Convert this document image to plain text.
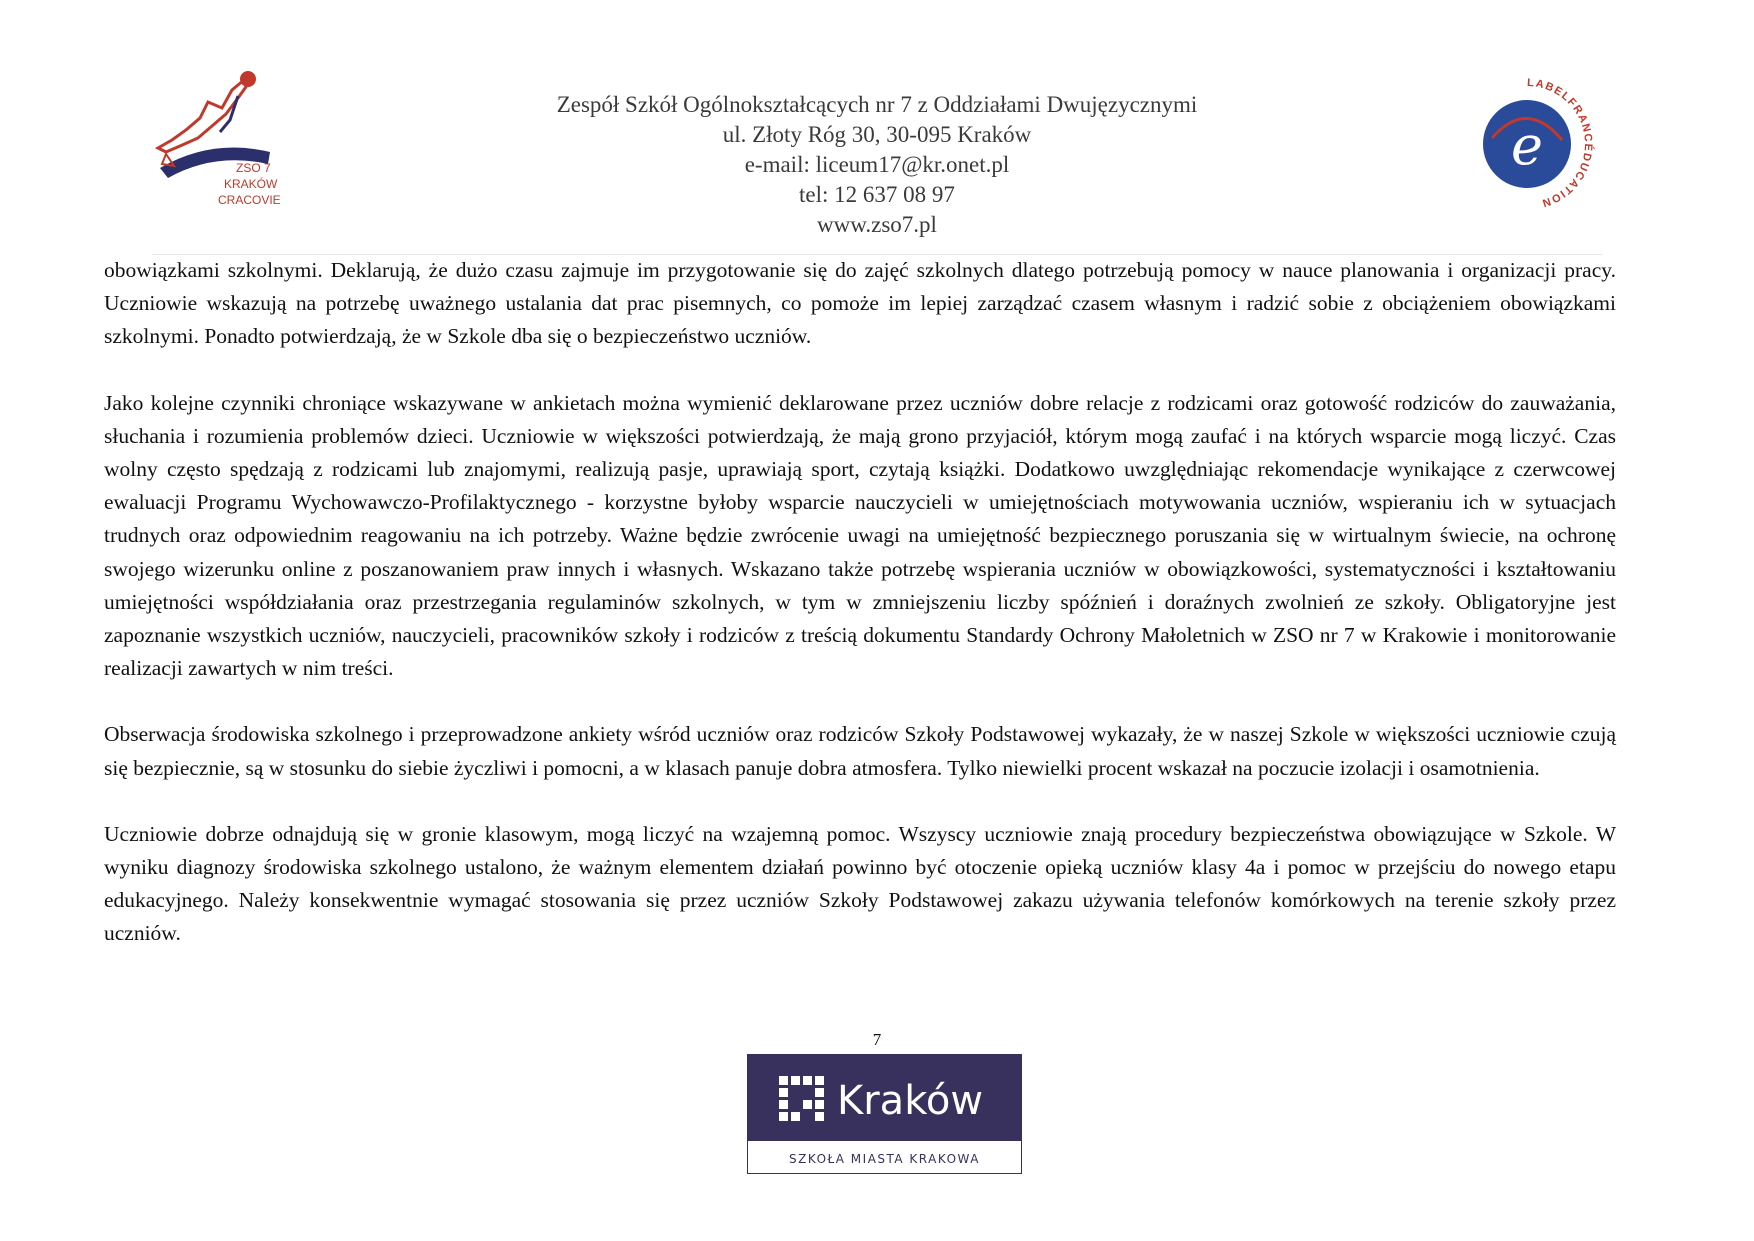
ZSO 7
KRAKÓW
CRACOVIE
Zespół Szkół Ogólnokształcących nr 7 z Oddziałami Dwujęzycznymi
ul. Złoty Róg 30, 30-095 Kraków
e-mail: liceum17@kr.onet.pl
tel: 12 637 08 97
www.zso7.pl
e
LABELFRANCÉDUCATION

obowiązkami szkolnymi. Deklarują, że dużo czasu zajmuje im przygotowanie się do zajęć szkolnych dlatego potrzebują pomocy w nauce planowania i organizacji pracy. Uczniowie wskazują na potrzebę uważnego ustalania dat prac pisemnych, co pomoże im lepiej zarządzać czasem własnym i radzić sobie z obciążeniem obowiązkami szkolnymi. Ponadto potwierdzają, że w Szkole dba się o bezpieczeństwo uczniów.

Jako kolejne czynniki chroniące wskazywane w ankietach można wymienić deklarowane przez uczniów dobre relacje z rodzicami oraz gotowość rodziców do zauważania, słuchania i rozumienia problemów dzieci. Uczniowie w większości potwierdzają, że mają grono przyjaciół, którym mogą zaufać i na których wsparcie mogą liczyć. Czas wolny często spędzają z rodzicami lub znajomymi, realizują pasje, uprawiają sport, czytają książki. Dodatkowo uwzględniając rekomendacje wynikające z czerwcowej ewaluacji Programu Wychowawczo-Profilaktycznego - korzystne byłoby wsparcie nauczycieli w umiejętnościach motywowania uczniów, wspieraniu ich w sytuacjach trudnych oraz odpowiednim reagowaniu na ich potrzeby. Ważne będzie zwrócenie uwagi na umiejętność bezpiecznego poruszania się w wirtualnym świecie, na ochronę swojego wizerunku online z poszanowaniem praw innych i własnych. Wskazano także potrzebę wspierania uczniów w obowiązkowości, systematyczności i kształtowaniu umiejętności współdziałania oraz przestrzegania regulaminów szkolnych, w tym w zmniejszeniu liczby spóźnień i doraźnych zwolnień ze szkoły. Obligatoryjne jest zapoznanie wszystkich uczniów, nauczycieli, pracowników szkoły i rodziców z treścią dokumentu Standardy Ochrony Małoletnich w ZSO nr 7 w Krakowie i monitorowanie realizacji zawartych w nim treści.

Obserwacja środowiska szkolnego i przeprowadzone ankiety wśród uczniów oraz rodziców Szkoły Podstawowej wykazały, że w naszej Szkole w większości uczniowie czują się bezpiecznie, są w stosunku do siebie życzliwi i pomocni, a w klasach panuje dobra atmosfera. Tylko niewielki procent wskazał na poczucie izolacji i osamotnienia.

Uczniowie dobrze odnajdują się w gronie klasowym, mogą liczyć na wzajemną pomoc. Wszyscy uczniowie znają procedury bezpieczeństwa obowiązujące w Szkole. W wyniku diagnozy środowiska szkolnego ustalono, że ważnym elementem działań powinno być otoczenie opieką uczniów klasy 4a i pomoc w przejściu do nowego etapu edukacyjnego. Należy konsekwentnie wymagać stosowania się przez uczniów Szkoły Podstawowej zakazu używania telefonów komórkowych na terenie szkoły przez uczniów.

7
Kraków
SZKOŁA MIASTA KRAKOWA
